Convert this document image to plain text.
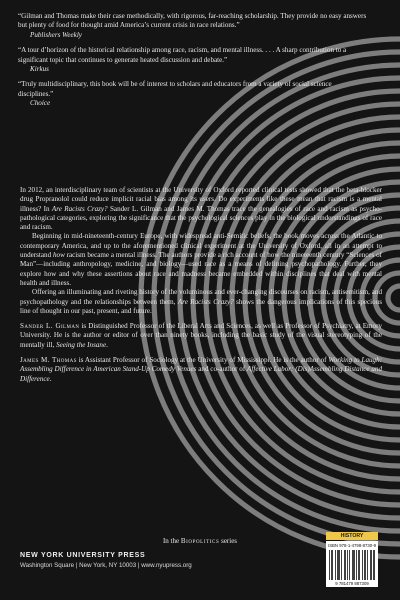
“Gilman and Thomas make their case methodically, with rigorous, far-reaching scholarship. They provide no easy answers but plenty of food for thought amid America’s current crisis in race relations.”

Publishers Weekly

“A tour d’horizon of the historical relationship among race, racism, and mental illness. . . . A sharp contribution to a significant topic that continues to generate heated discussion and debate.”

Kirkus

“Truly multidisciplinary, this book will be of interest to scholars and educators from a variety of social science disciplines.”

Choice

In 2012, an interdisciplinary team of scientists at the University of Oxford reported clinical tests showed that the beta-blocker drug Propranolol could reduce implicit racial bias among its users. Do experiments like these mean that racism is a mental illness? In Are Racists Crazy? Sander L. Gilman and James M. Thomas trace the genealogies of race and racism as psycho-pathological categories, exploring the significance that the psychological sciences play in the biological understandings of race and racism.

Beginning in mid-nineteenth-century Europe, with widespread anti-Semitic beliefs, the book moves across the Atlantic to contemporary America, and up to the aforementioned clinical experiment at the University of Oxford, all in an attempt to understand how racism became a mental illness. The authors provide a rich account of how the nineteenth century “Sciences of Man”—including anthropology, medicine, and biology—used race as a means of defining psychopathology. Further, they explore how and why these assertions about race and madness became embedded within disciplines that deal with mental health and illness.

Offering an illuminating and riveting history of the voluminous and ever-changing discourses on racism, antisemitism, and psychopathology and the relationships between them, Are Racists Crazy? shows the dangerous implications of this specious line of thought in our past, present, and future.

Sander L. Gilman is Distinguished Professor of the Liberal Arts and Sciences, as well as Professor of Psychiatry, at Emory University. He is the author or editor of over than ninety books, including the basic study of the visual stereotyping of the mentally ill, Seeing the Insane.

James M. Thomas is Assistant Professor of Sociology at the University of Mississippi. He is the author of Working to Laugh: Assembling Difference in American Stand-Up Comedy Venues and co-author of Affective Labor: (Dis)Assembling Distance and Difference.

In the Biopolitics series
NEW YORK UNIVERSITY PRESS
Washington Square | New York, NY 10003 | www.nyupress.org
HISTORY
ISBN 978-1-4798-8730-9
9 781479 887309
